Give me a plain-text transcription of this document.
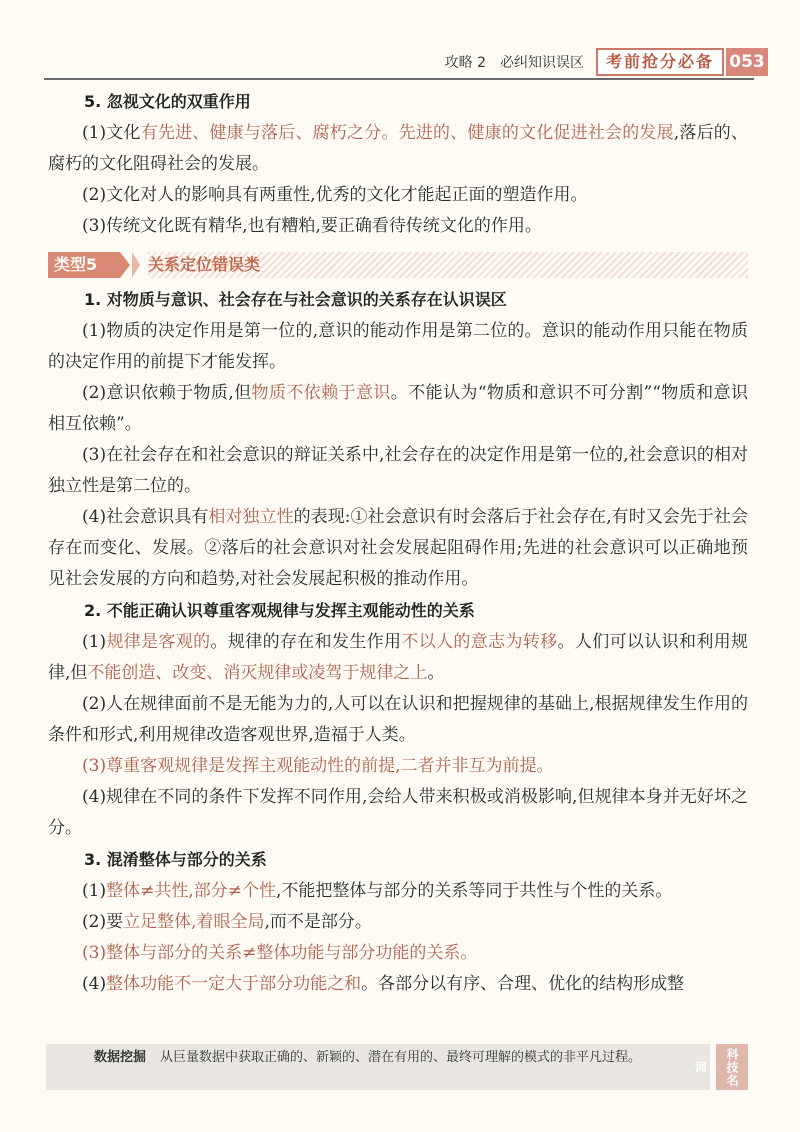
攻略 2 必纠知识误区	考前抢分必备 053

5. 忽视文化的双重作用

(1)文化有先进、健康与落后、腐朽之分。先进的、健康的文化促进社会的发展,落后的、腐朽的文化阻碍社会的发展。

(2)文化对人的影响具有两重性,优秀的文化才能起正面的塑造作用。

(3)传统文化既有精华,也有糟粕,要正确看待传统文化的作用。

类型5	关系定位错误类

1. 对物质与意识、社会存在与社会意识的关系存在认识误区

(1)物质的决定作用是第一位的,意识的能动作用是第二位的。意识的能动作用只能在物质的决定作用的前提下才能发挥。

(2)意识依赖于物质,但物质不依赖于意识。不能认为“物质和意识不可分割”“物质和意识相互依赖”。

(3)在社会存在和社会意识的辩证关系中,社会存在的决定作用是第一位的,社会意识的相对独立性是第二位的。

(4)社会意识具有相对独立性的表现:①社会意识有时会落后于社会存在,有时又会先于社会存在而变化、发展。②落后的社会意识对社会发展起阻碍作用;先进的社会意识可以正确地预见社会发展的方向和趋势,对社会发展起积极的推动作用。

2. 不能正确认识尊重客观规律与发挥主观能动性的关系

(1)规律是客观的。规律的存在和发生作用不以人的意志为转移。人们可以认识和利用规律,但不能创造、改变、消灭规律或凌驾于规律之上。

(2)人在规律面前不是无能为力的,人可以在认识和把握规律的基础上,根据规律发生作用的条件和形式,利用规律改造客观世界,造福于人类。

(3)尊重客观规律是发挥主观能动性的前提,二者并非互为前提。

(4)规律在不同的条件下发挥不同作用,会给人带来积极或消极影响,但规律本身并无好坏之分。

3. 混淆整体与部分的关系

(1)整体≠共性,部分≠个性,不能把整体与部分的关系等同于共性与个性的关系。

(2)要立足整体,着眼全局,而不是部分。

(3)整体与部分的关系≠整体功能与部分功能的关系。

(4)整体功能不一定大于部分功能之和。各部分以有序、合理、优化的结构形成整

数据挖掘 从巨量数据中获取正确的、新颖的、潜在有用的、最终可理解的模式的非平凡过程。	科技名词
